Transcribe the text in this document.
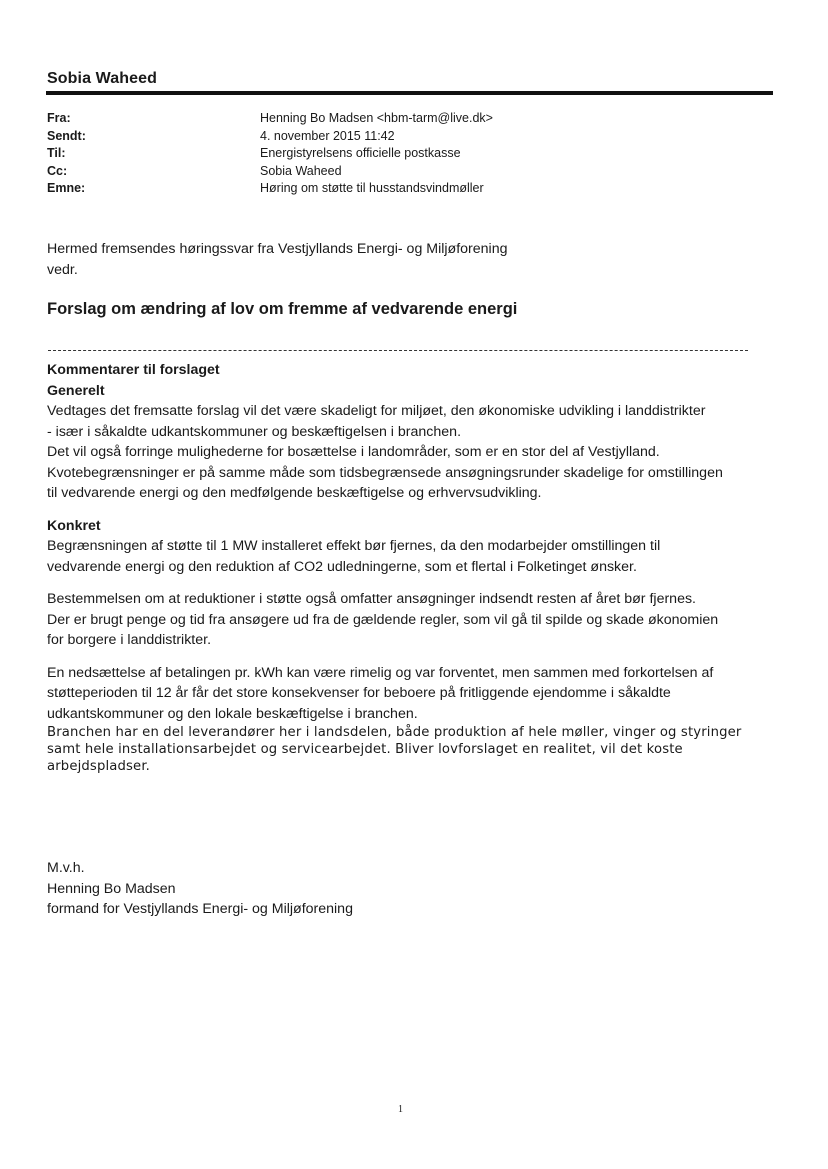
Sobia Waheed
Fra:	Henning Bo Madsen <hbm-tarm@live.dk>
Sendt:	4. november 2015 11:42
Til:	Energistyrelsens officielle postkasse
Cc:	Sobia Waheed
Emne:	Høring om støtte til husstandsvindmøller
Hermed fremsendes høringssvar fra Vestjyllands Energi- og Miljøforening
vedr.
Forslag om ændring af lov om fremme af vedvarende energi
Kommentarer til forslaget
Generelt
Vedtages det fremsatte forslag vil det være skadeligt for miljøet, den økonomiske udvikling i landdistrikter
- især i såkaldte udkantskommuner og beskæftigelsen i branchen.
Det vil også forringe mulighederne for bosættelse i landområder, som er en stor del af Vestjylland.
Kvotebegrænsninger er på samme måde som tidsbegrænsede ansøgningsrunder skadelige for omstillingen
til vedvarende energi og den medfølgende beskæftigelse og erhvervsudvikling.
Konkret
Begrænsningen af støtte til 1 MW installeret effekt bør fjernes, da den modarbejder omstillingen til
vedvarende energi og den reduktion af CO2 udledningerne, som et flertal i Folketinget ønsker.
Bestemmelsen om at reduktioner i støtte også omfatter ansøgninger indsendt resten af året bør fjernes.
Der er brugt penge og tid fra ansøgere ud fra de gældende regler, som vil gå til spilde og skade økonomien
for borgere i landdistrikter.
En nedsættelse af betalingen pr. kWh kan være rimelig og var forventet, men sammen med forkortelsen af
støtteperioden til 12 år får det store konsekvenser for beboere på fritliggende ejendomme i såkaldte
udkantskommuner og den lokale beskæftigelse i branchen.
Branchen har en del leverandører her i landsdelen, både produktion af hele møller, vinger og styringer
samt hele installationsarbejdet og servicearbejdet. Bliver lovforslaget en realitet, vil det koste
arbejdspladser.
M.v.h.
Henning Bo Madsen
formand for Vestjyllands Energi- og Miljøforening
1
